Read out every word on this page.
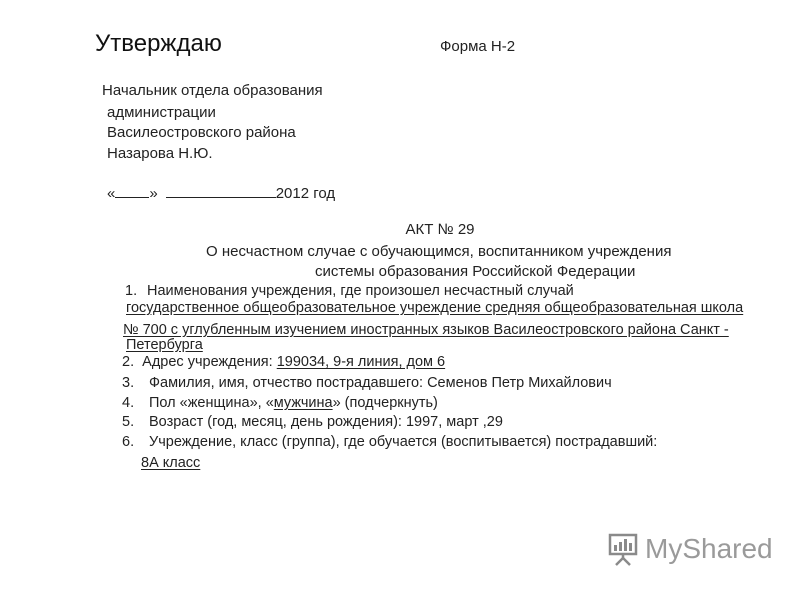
Утверждаю	Форма Н-2
Начальник отдела образования
администрации
Василеостровского района
Назарова Н.Ю.
« »	2012 год
АКТ № 29
О несчастном случае с обучающимся, воспитанником учреждения
системы образования Российской Федерации
1. Наименования учреждения, где произошел несчастный случай
государственное общеобразовательное учреждение средняя общеобразовательная школа
№ 700 с углубленным изучением иностранных языков Василеостровского района Санкт -
Петербурга
2. Адрес учреждения: 199034, 9-я линия, дом 6
3. Фамилия, имя, отчество пострадавшего: Семенов Петр Михайлович
4. Пол «женщина», «мужчина» (подчеркнуть)
5. Возраст (год, месяц, день рождения): 1997, март ,29
6. Учреждение, класс (группа), где обучается (воспитывается) пострадавший:
8А класс
MyShared
